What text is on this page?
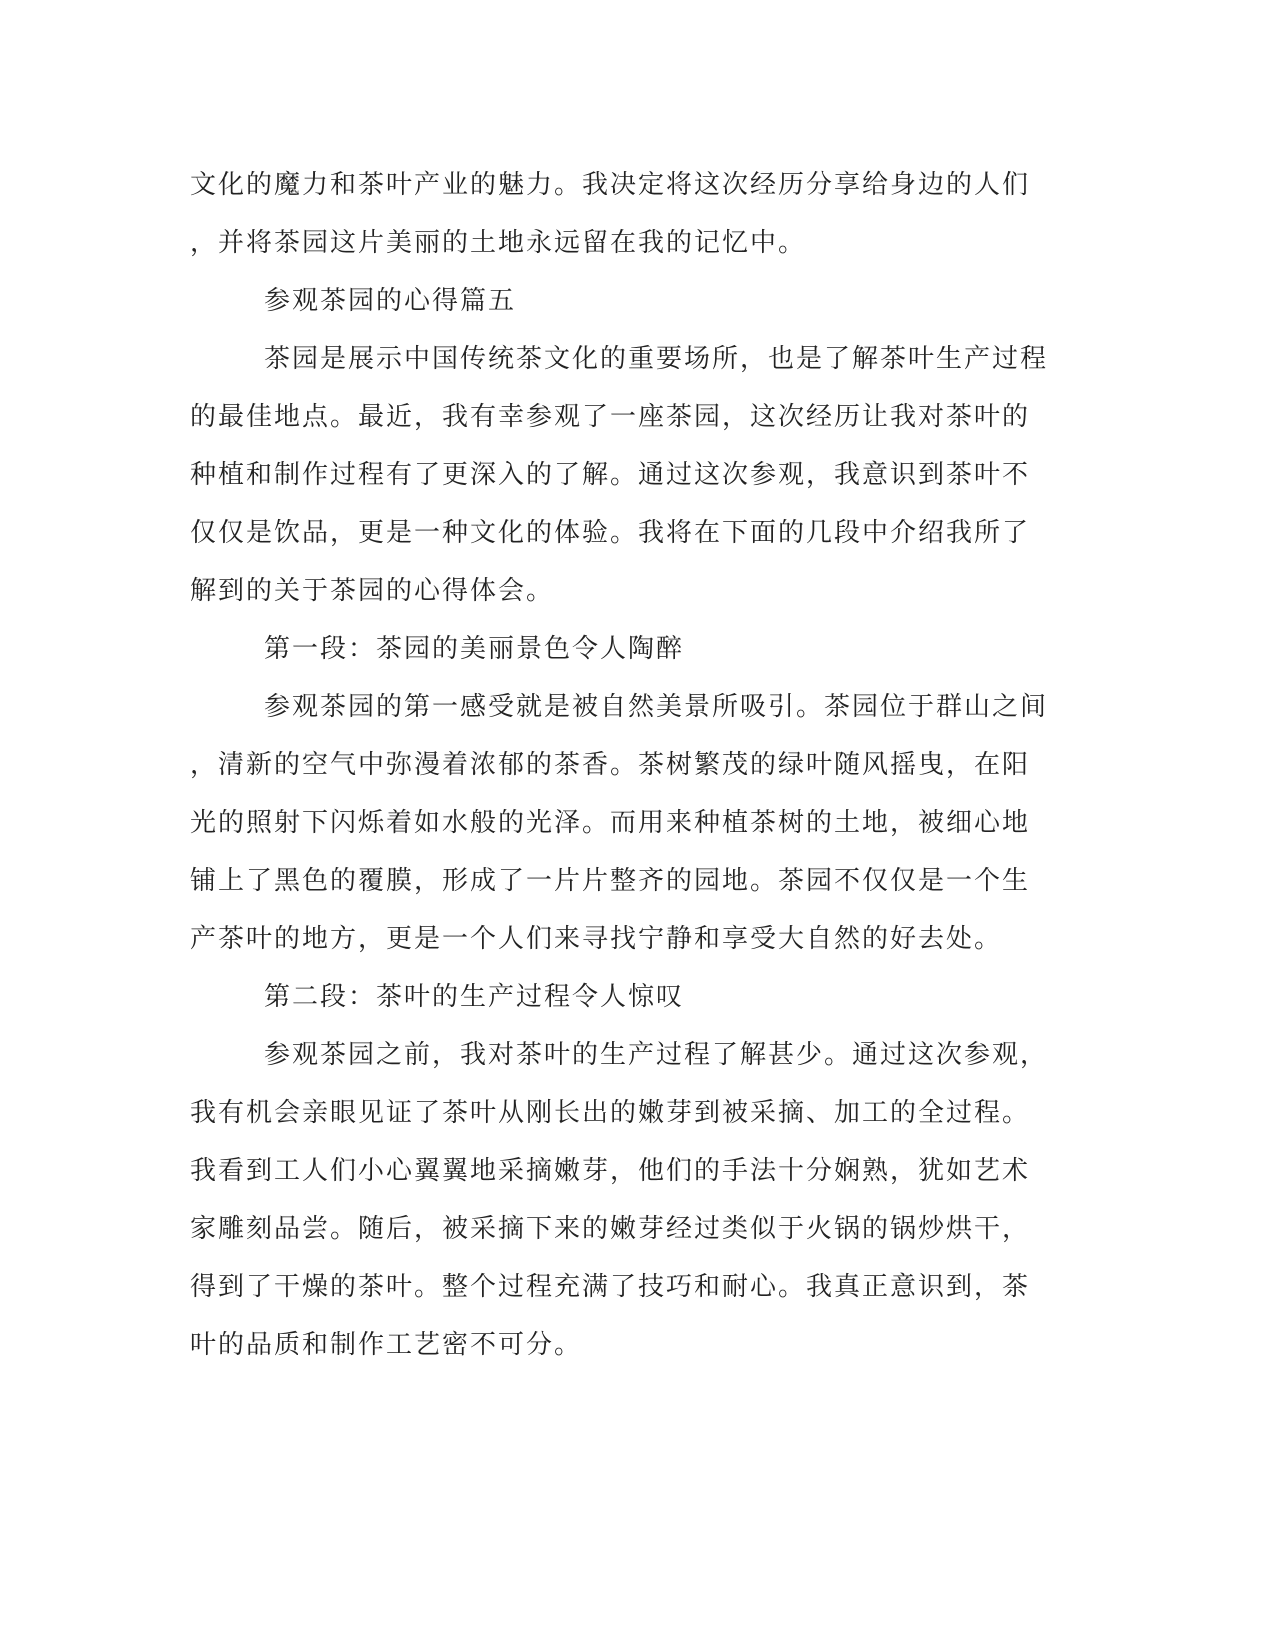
文化的魔力和茶叶产业的魅力。我决定将这次经历分享给身边的人们
，并将茶园这片美丽的土地永远留在我的记忆中。
参观茶园的心得篇五
茶园是展示中国传统茶文化的重要场所，也是了解茶叶生产过程
的最佳地点。最近，我有幸参观了一座茶园，这次经历让我对茶叶的
种植和制作过程有了更深入的了解。通过这次参观，我意识到茶叶不
仅仅是饮品，更是一种文化的体验。我将在下面的几段中介绍我所了
解到的关于茶园的心得体会。
第一段：茶园的美丽景色令人陶醉
参观茶园的第一感受就是被自然美景所吸引。茶园位于群山之间
，清新的空气中弥漫着浓郁的茶香。茶树繁茂的绿叶随风摇曳，在阳
光的照射下闪烁着如水般的光泽。而用来种植茶树的土地，被细心地
铺上了黑色的覆膜，形成了一片片整齐的园地。茶园不仅仅是一个生
产茶叶的地方，更是一个人们来寻找宁静和享受大自然的好去处。
第二段：茶叶的生产过程令人惊叹
参观茶园之前，我对茶叶的生产过程了解甚少。通过这次参观，
我有机会亲眼见证了茶叶从刚长出的嫩芽到被采摘、加工的全过程。
我看到工人们小心翼翼地采摘嫩芽，他们的手法十分娴熟，犹如艺术
家雕刻品尝。随后，被采摘下来的嫩芽经过类似于火锅的锅炒烘干，
得到了干燥的茶叶。整个过程充满了技巧和耐心。我真正意识到，茶
叶的品质和制作工艺密不可分。
